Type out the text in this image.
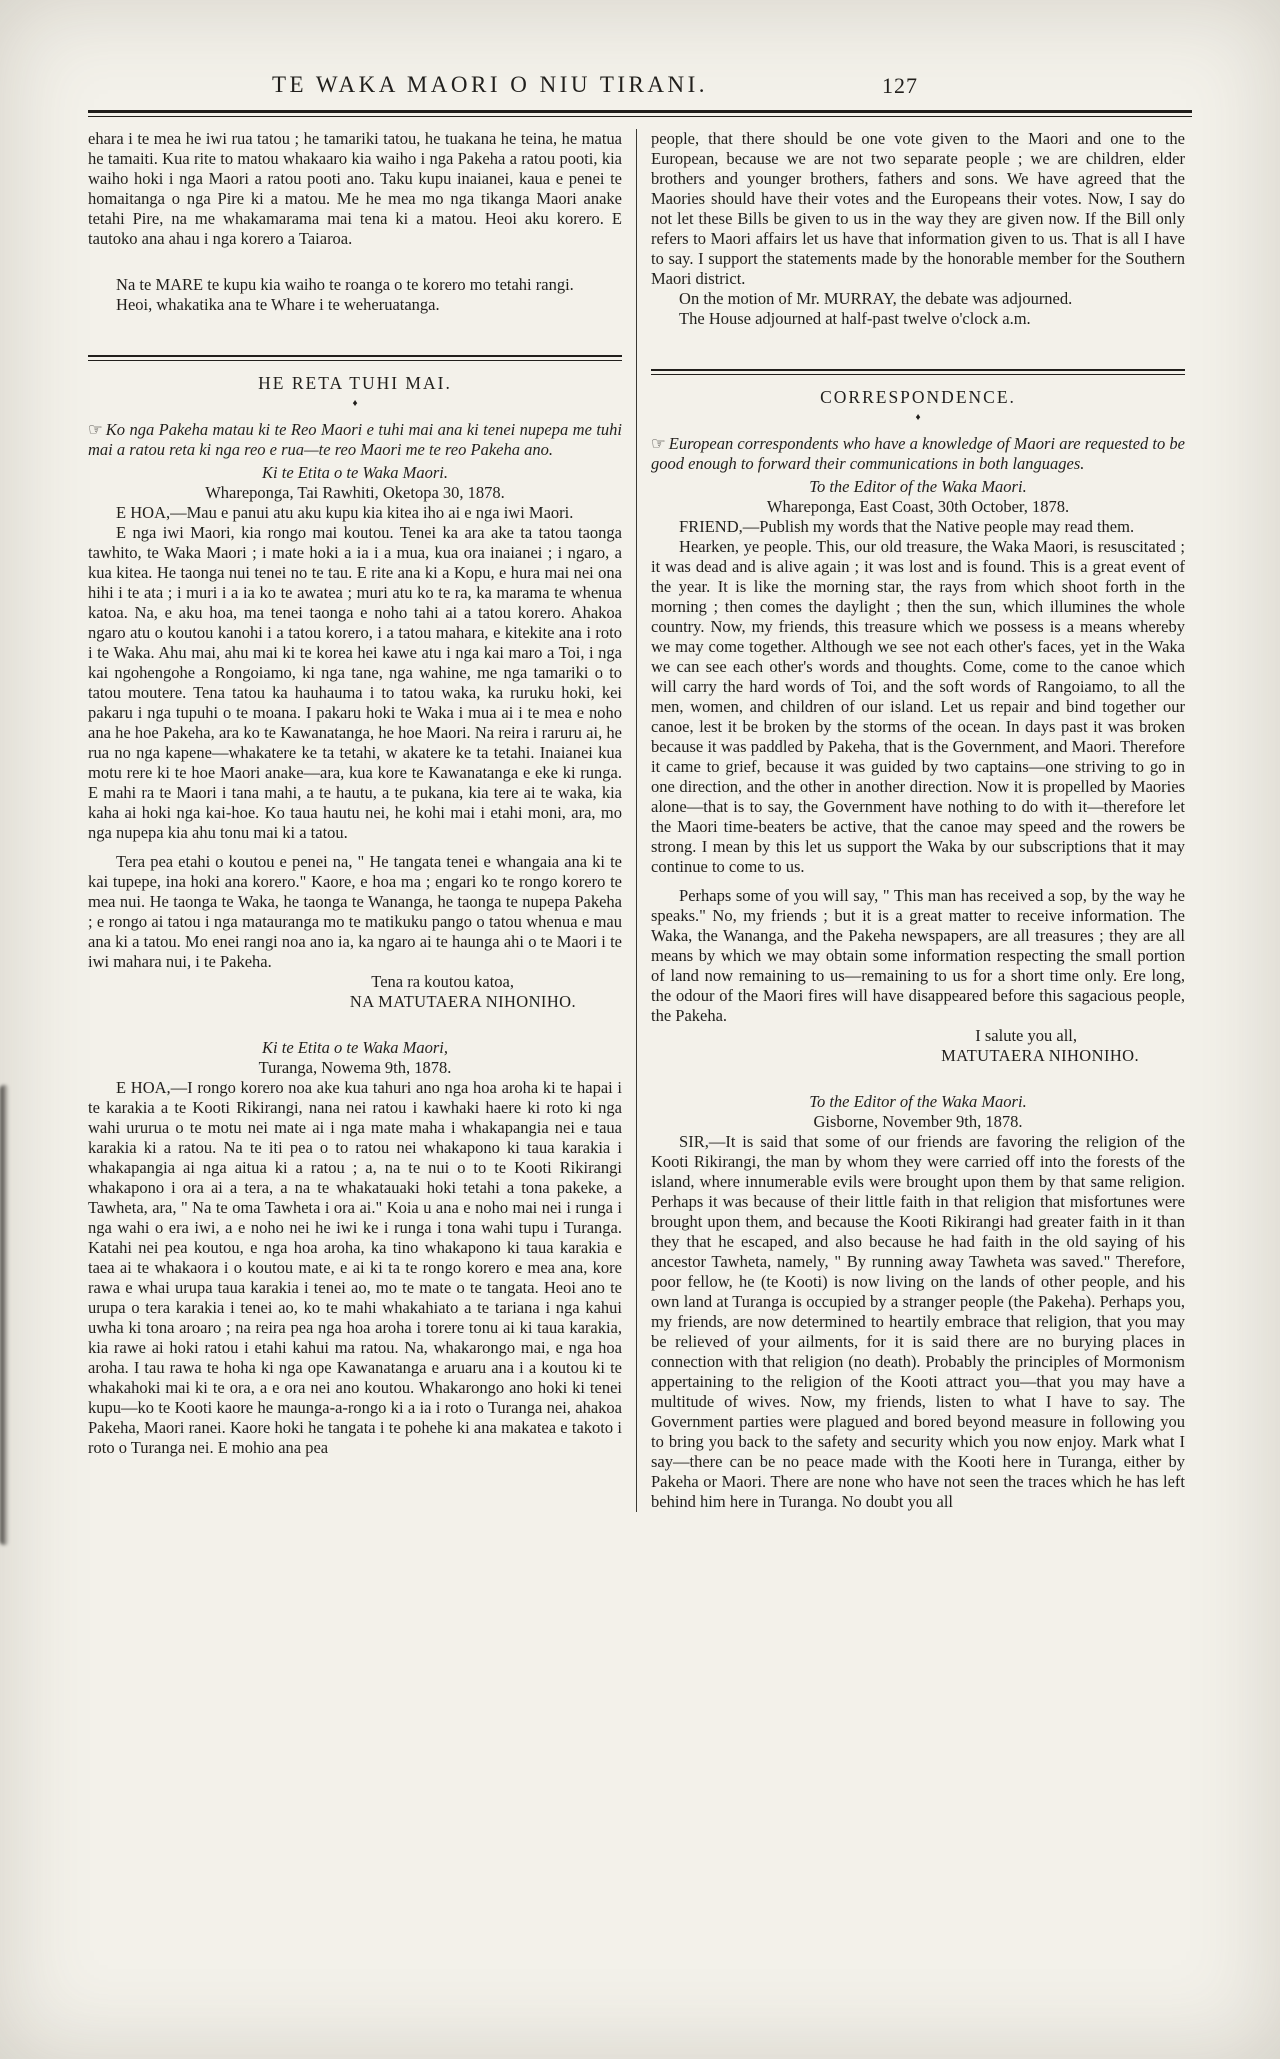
TE WAKA MAORI O NIU TIRANI.	127

ehara i te mea he iwi rua tatou ; he tamariki tatou, he tuakana he teina, he matua he tamaiti. Kua rite to matou whakaaro kia waiho i nga Pakeha a ratou pooti, kia waiho hoki i nga Maori a ratou pooti ano. Taku kupu inaianei, kaua e penei te homaitanga o nga Pire ki a matou. Me he mea mo nga tikanga Maori anake tetahi Pire, na me whakamarama mai tena ki a matou. Heoi aku korero. E tautoko ana ahau i nga korero a Taiaroa.

Na te MARE te kupu kia waiho te roanga o te korero mo tetahi rangi.

Heoi, whakatika ana te Whare i te weheruatanga.

HE RETA TUHI MAI.
♦

☞ Ko nga Pakeha matau ki te Reo Maori e tuhi mai ana ki tenei nupepa me tuhi mai a ratou reta ki nga reo e rua—te reo Maori me te reo Pakeha ano.

Ki te Etita o te Waka Maori.
Whareponga, Tai Rawhiti, Oketopa 30, 1878.

E HOA,—Mau e panui atu aku kupu kia kitea iho ai e nga iwi Maori.

E nga iwi Maori, kia rongo mai koutou. Tenei ka ara ake ta tatou taonga tawhito, te Waka Maori ; i mate hoki a ia i a mua, kua ora inaianei ; i ngaro, a kua kitea. He taonga nui tenei no te tau. E rite ana ki a Kopu, e hura mai nei ona hihi i te ata ; i muri i a ia ko te awatea ; muri atu ko te ra, ka marama te whenua katoa. Na, e aku hoa, ma tenei taonga e noho tahi ai a tatou korero. Ahakoa ngaro atu o koutou kanohi i a tatou korero, i a tatou mahara, e kitekite ana i roto i te Waka. Ahu mai, ahu mai ki te korea hei kawe atu i nga kai maro a Toi, i nga kai ngohengohe a Rongoiamo, ki nga tane, nga wahine, me nga tamariki o to tatou moutere. Tena tatou ka hauhauma i to tatou waka, ka ruruku hoki, kei pakaru i nga tupuhi o te moana. I pakaru hoki te Waka i mua ai i te mea e noho ana he hoe Pakeha, ara ko te Kawanatanga, he hoe Maori. Na reira i raruru ai, he rua no nga kapene—whakatere ke ta tetahi, w akatere ke ta tetahi. Inaianei kua motu rere ki te hoe Maori anake—ara, kua kore te Kawanatanga e eke ki runga. E mahi ra te Maori i tana mahi, a te hautu, a te pukana, kia tere ai te waka, kia kaha ai hoki nga kai-hoe. Ko taua hautu nei, he kohi mai i etahi moni, ara, mo nga nupepa kia ahu tonu mai ki a tatou.

Tera pea etahi o koutou e penei na, " He tangata tenei e whangaia ana ki te kai tupepe, ina hoki ana korero." Kaore, e hoa ma ; engari ko te rongo korero te mea nui. He taonga te Waka, he taonga te Wananga, he taonga te nupepa Pakeha ; e rongo ai tatou i nga matauranga mo te matikuku pango o tatou whenua e mau ana ki a tatou. Mo enei rangi noa ano ia, ka ngaro ai te haunga ahi o te Maori i te iwi mahara nui, i te Pakeha.

Tena ra koutou katoa,
NA MATUTAERA NIHONIHO.
Ki te Etita o te Waka Maori,
Turanga, Nowema 9th, 1878.

E HOA,—I rongo korero noa ake kua tahuri ano nga hoa aroha ki te hapai i te karakia a te Kooti Rikirangi, nana nei ratou i kawhaki haere ki roto ki nga wahi ururua o te motu nei mate ai i nga mate maha i whakapangia nei e taua karakia ki a ratou. Na te iti pea o to ratou nei whakapono ki taua karakia i whakapangia ai nga aitua ki a ratou ; a, na te nui o to te Kooti Rikirangi whakapono i ora ai a tera, a na te whakatauaki hoki tetahi a tona pakeke, a Tawheta, ara, " Na te oma Tawheta i ora ai." Koia u ana e noho mai nei i runga i nga wahi o era iwi, a e noho nei he iwi ke i runga i tona wahi tupu i Turanga. Katahi nei pea koutou, e nga hoa aroha, ka tino whakapono ki taua karakia e taea ai te whakaora i o koutou mate, e ai ki ta te rongo korero e mea ana, kore rawa e whai urupa taua karakia i tenei ao, mo te mate o te tangata. Heoi ano te urupa o tera karakia i tenei ao, ko te mahi whakahiato a te tariana i nga kahui uwha ki tona aroaro ; na reira pea nga hoa aroha i torere tonu ai ki taua karakia, kia rawe ai hoki ratou i etahi kahui ma ratou. Na, whakarongo mai, e nga hoa aroha. I tau rawa te hoha ki nga ope Kawanatanga e aruaru ana i a koutou ki te whakahoki mai ki te ora, a e ora nei ano koutou. Whakarongo ano hoki ki tenei kupu—ko te Kooti kaore he maunga-a-rongo ki a ia i roto o Turanga nei, ahakoa Pakeha, Maori ranei. Kaore hoki he tangata i te pohehe ki ana makatea e takoto i roto o Turanga nei. E mohio ana pea

people, that there should be one vote given to the Maori and one to the European, because we are not two separate people ; we are children, elder brothers and younger brothers, fathers and sons. We have agreed that the Maories should have their votes and the Europeans their votes. Now, I say do not let these Bills be given to us in the way they are given now. If the Bill only refers to Maori affairs let us have that information given to us. That is all I have to say. I support the statements made by the honorable member for the Southern Maori district.

On the motion of Mr. MURRAY, the debate was adjourned.

The House adjourned at half-past twelve o'clock a.m.

CORRESPONDENCE.
♦

☞ European correspondents who have a knowledge of Maori are requested to be good enough to forward their communications in both languages.

To the Editor of the Waka Maori.
Whareponga, East Coast, 30th October, 1878.

FRIEND,—Publish my words that the Native people may read them.

Hearken, ye people. This, our old treasure, the Waka Maori, is resuscitated ; it was dead and is alive again ; it was lost and is found. This is a great event of the year. It is like the morning star, the rays from which shoot forth in the morning ; then comes the daylight ; then the sun, which illumines the whole country. Now, my friends, this treasure which we possess is a means whereby we may come together. Although we see not each other's faces, yet in the Waka we can see each other's words and thoughts. Come, come to the canoe which will carry the hard words of Toi, and the soft words of Rangoiamo, to all the men, women, and children of our island. Let us repair and bind together our canoe, lest it be broken by the storms of the ocean. In days past it was broken because it was paddled by Pakeha, that is the Government, and Maori. Therefore it came to grief, because it was guided by two captains—one striving to go in one direction, and the other in another direction. Now it is propelled by Maories alone—that is to say, the Government have nothing to do with it—therefore let the Maori time-beaters be active, that the canoe may speed and the rowers be strong. I mean by this let us support the Waka by our subscriptions that it may continue to come to us.

Perhaps some of you will say, " This man has received a sop, by the way he speaks." No, my friends ; but it is a great matter to receive information. The Waka, the Wananga, and the Pakeha newspapers, are all treasures ; they are all means by which we may obtain some information respecting the small portion of land now remaining to us—remaining to us for a short time only. Ere long, the odour of the Maori fires will have disappeared before this sagacious people, the Pakeha.

I salute you all,
MATUTAERA NIHONIHO.
To the Editor of the Waka Maori.
Gisborne, November 9th, 1878.

SIR,—It is said that some of our friends are favoring the religion of the Kooti Rikirangi, the man by whom they were carried off into the forests of the island, where innumerable evils were brought upon them by that same religion. Perhaps it was because of their little faith in that religion that misfortunes were brought upon them, and because the Kooti Rikirangi had greater faith in it than they that he escaped, and also because he had faith in the old saying of his ancestor Tawheta, namely, " By running away Tawheta was saved." Therefore, poor fellow, he (te Kooti) is now living on the lands of other people, and his own land at Turanga is occupied by a stranger people (the Pakeha). Perhaps you, my friends, are now determined to heartily embrace that religion, that you may be relieved of your ailments, for it is said there are no burying places in connection with that religion (no death). Probably the principles of Mormonism appertaining to the religion of the Kooti attract you—that you may have a multitude of wives. Now, my friends, listen to what I have to say. The Government parties were plagued and bored beyond measure in following you to bring you back to the safety and security which you now enjoy. Mark what I say—there can be no peace made with the Kooti here in Turanga, either by Pakeha or Maori. There are none who have not seen the traces which he has left behind him here in Turanga. No doubt you all
